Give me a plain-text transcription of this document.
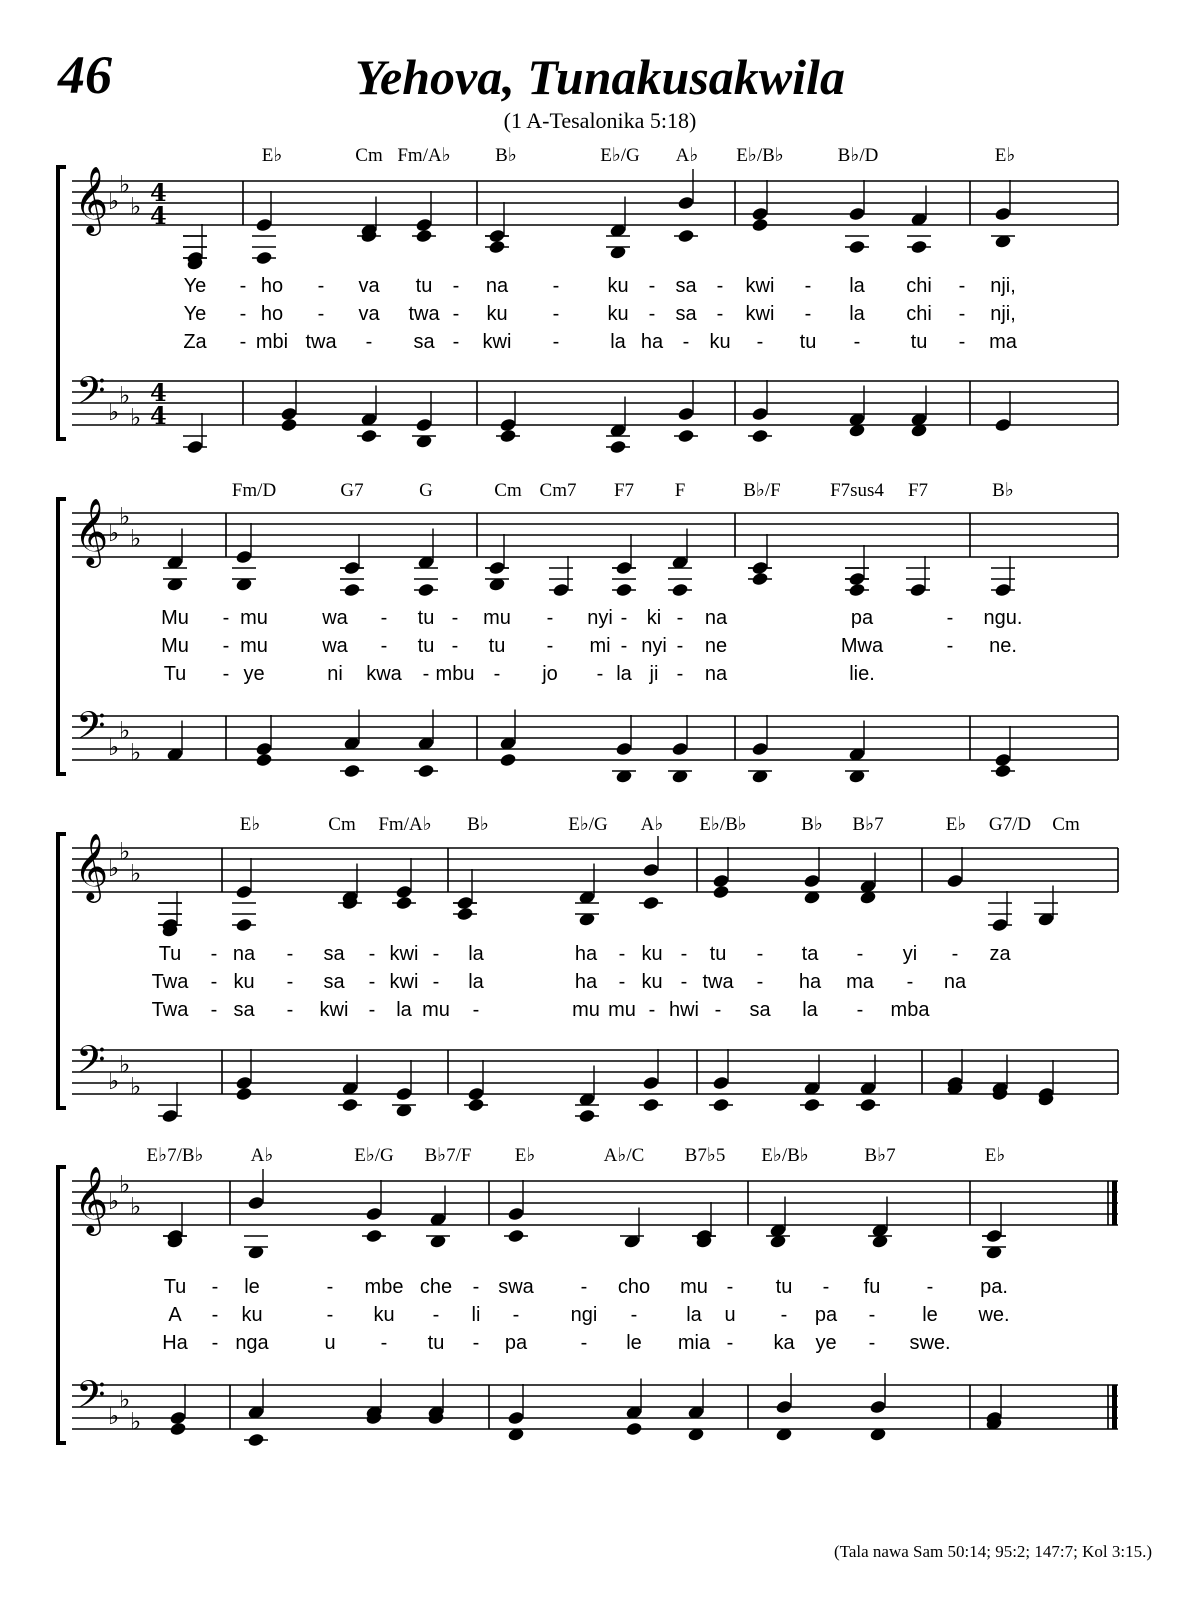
46	Yehova, Tunakusakwila
(1 A-Tesalonika 5:18)
𝄞
𝄢
♭
♭
♭
♭
♭
♭
4
4
4
4
𝄞
𝄢
♭
♭
♭
♭
♭
♭
𝄞
𝄢
♭
♭
♭
♭
♭
♭
𝄞
𝄢
♭
♭
♭
♭
♭
♭
E♭	Cm Fm/A♭ B♭	E♭/G A♭ E♭/B♭	B♭/D	E♭
Ye - ho - va tu - na - ku - sa - kwi - la chi - nji,
Ye - ho - va twa - ku - ku - sa - kwi - la chi - nji,
Za - mbi twa - sa - kwi -	la ha - ku - tu -	tu - ma
Fm/D	G7	G	Cm Cm7 F7 F	B♭/F	F7sus4 F7	B♭
Mu - mu	wa - tu - mu - nyi - ki - na	pa	- ngu.
Mu - mu	wa - tu - tu - mi - nyi - ne	Mwa	- ne.
Tu - ye	ni kwa - mbu - jo - la ji - na	lie.
E♭	Cm Fm/A♭ B♭	E♭/G A♭ E♭/B♭	B♭ B♭7	E♭ G7/D Cm
Tu - na - sa - kwi - la	ha - ku - tu - ta - yi - za
Twa - ku - sa - kwi - la	ha - ku - twa - ha ma - na
Twa - sa - kwi - la mu -	mu mu - hwi - sa la - mba
E♭7/B♭ A♭	E♭/G B♭7/F E♭	A♭/C B7♭5 E♭/B♭	B♭7	E♭
Tu - le	- mbe che - swa - cho mu - tu - fu - pa.
A - ku	- ku - li -	ngi - la u - pa - le we.
Ha - nga	u - tu - pa	- le mia - ka ye - swe.
(Tala nawa Sam 50:14; 95:2; 147:7; Kol 3:15.)
